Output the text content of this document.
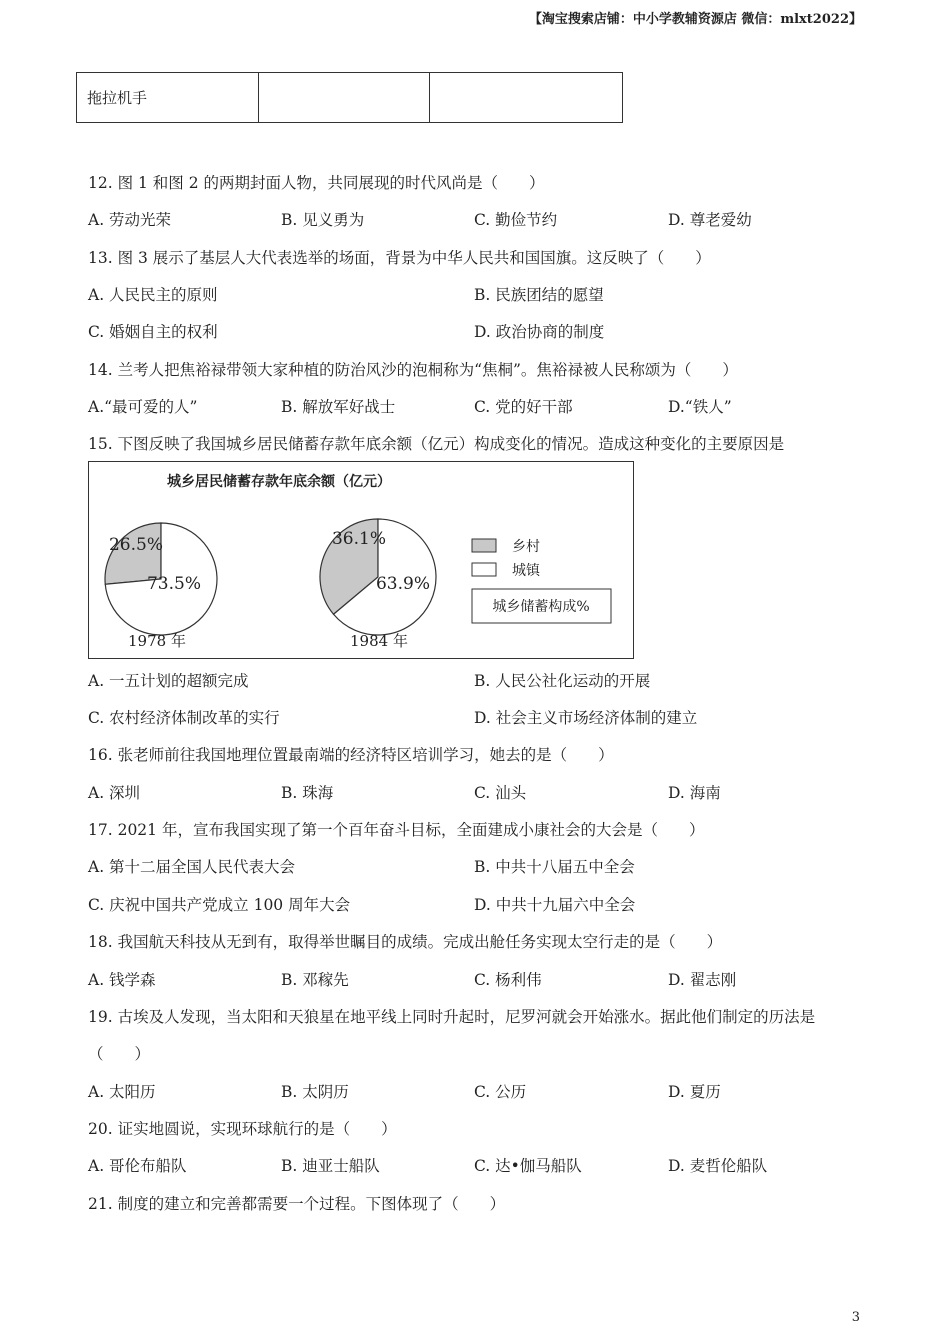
【淘宝搜索店铺：中小学教辅资源店 微信：mlxt2022】
拖拉机手		
12. 图 1 和图 2 的两期封面人物，共同展现的时代风尚是（　　）
A. 劳动光荣	B. 见义勇为	C. 勤俭节约	D. 尊老爱幼
13. 图 3 展示了基层人大代表选举的场面，背景为中华人民共和国国旗。这反映了（　　）
A. 人民民主的原则	B. 民族团结的愿望
C. 婚姻自主的权利	D. 政治协商的制度
14. 兰考人把焦裕禄带领大家种植的防治风沙的泡桐称为“焦桐”。焦裕禄被人民称颂为（　　）
A.“最可爱的人”	B. 解放军好战士	C. 党的好干部	D.“铁人”
15. 下图反映了我国城乡居民储蓄存款年底余额（亿元）构成变化的情况。造成这种变化的主要原因是
城乡居民储蓄存款年底余额（亿元）
26.5%
73.5%
1978 年
36.1%
63.9%
1984 年
乡村
城镇
城乡储蓄构成%
A. 一五计划的超额完成	B. 人民公社化运动的开展
C. 农村经济体制改革的实行	D. 社会主义市场经济体制的建立
16. 张老师前往我国地理位置最南端的经济特区培训学习，她去的是（　　）
A. 深圳	B. 珠海	C. 汕头	D. 海南
17. 2021 年，宣布我国实现了第一个百年奋斗目标，全面建成小康社会的大会是（　　）
A. 第十二届全国人民代表大会	B. 中共十八届五中全会
C. 庆祝中国共产党成立 100 周年大会	D. 中共十九届六中全会
18. 我国航天科技从无到有，取得举世瞩目的成绩。完成出舱任务实现太空行走的是（　　）
A. 钱学森	B. 邓稼先	C. 杨利伟	D. 翟志刚
19. 古埃及人发现，当太阳和天狼星在地平线上同时升起时，尼罗河就会开始涨水。据此他们制定的历法是
（　　）
A. 太阳历	B. 太阴历	C. 公历	D. 夏历
20. 证实地圆说，实现环球航行的是（　　）
A. 哥伦布船队	B. 迪亚士船队	C. 达•伽马船队	D. 麦哲伦船队
21. 制度的建立和完善都需要一个过程。下图体现了（　　）
3
